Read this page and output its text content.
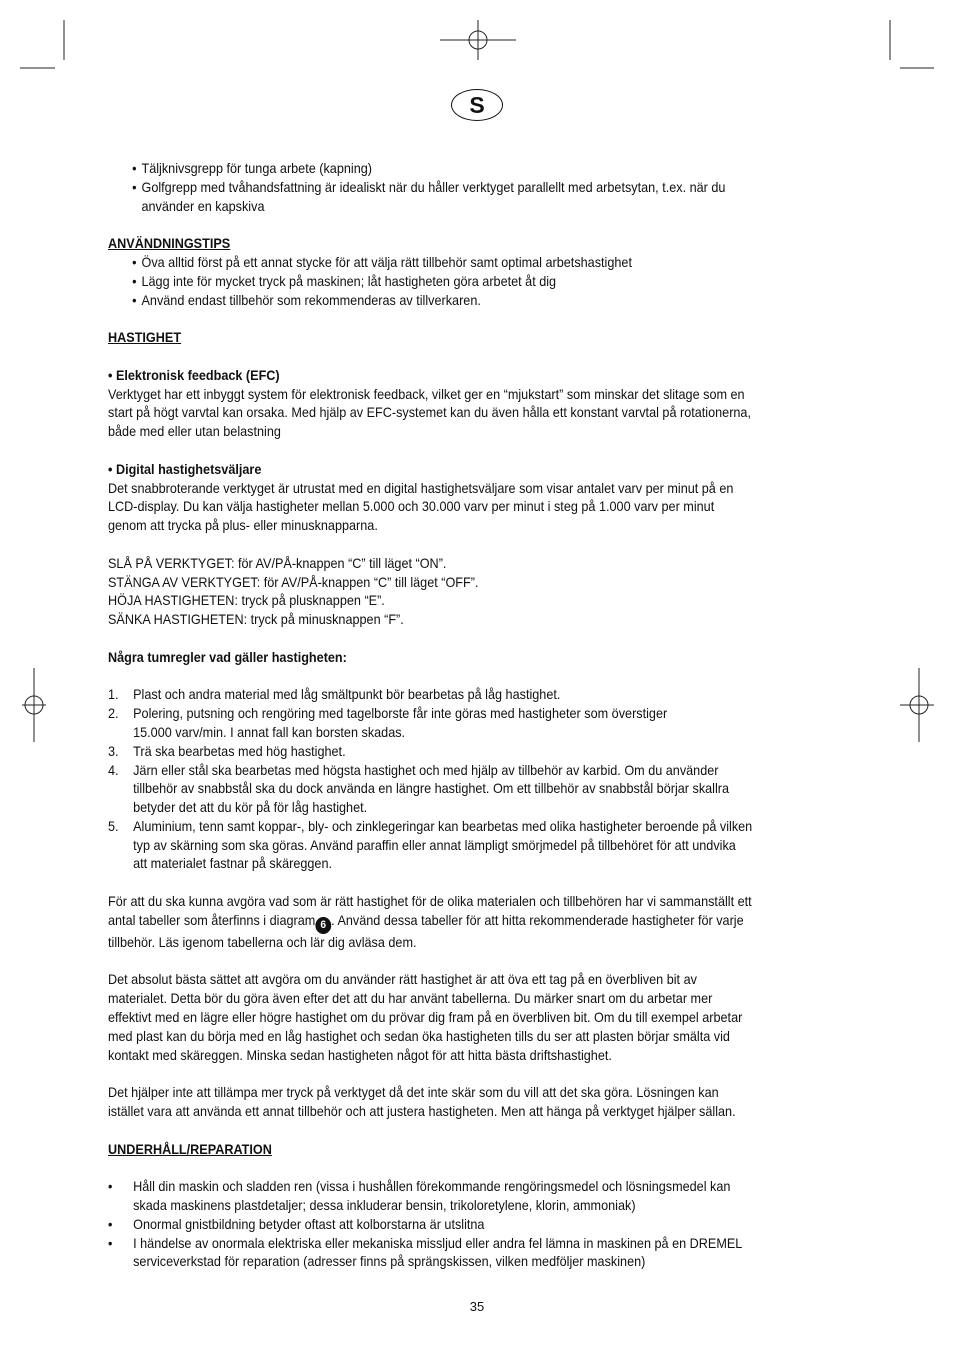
S

• Täljknivsgrepp för tunga arbete (kapning)

• Golfgrepp med tvåhandsfattning är idealiskt när du håller verktyget parallellt med arbetsytan, t.ex. när du

använder en kapskiva

ANVÄNDNINGSTIPS

• Öva alltid först på ett annat stycke för att välja rätt tillbehör samt optimal arbetshastighet

• Lägg inte för mycket tryck på maskinen; låt hastigheten göra arbetet åt dig

• Använd endast tillbehör som rekommenderas av tillverkaren.

HASTIGHET

• Elektronisk feedback (EFC)

Verktyget har ett inbyggt system för elektronisk feedback, vilket ger en “mjukstart” som minskar det slitage som en

start på högt varvtal kan orsaka. Med hjälp av EFC-systemet kan du även hålla ett konstant varvtal på rotationerna,

både med eller utan belastning

• Digital hastighetsväljare

Det snabbroterande verktyget är utrustat med en digital hastighetsväljare som visar antalet varv per minut på en

LCD-display. Du kan välja hastigheter mellan 5.000 och 30.000 varv per minut i steg på 1.000 varv per minut

genom att trycka på plus- eller minusknapparna.

SLÅ PÅ VERKTYGET: för AV/PÅ-knappen “C” till läget “ON”.

STÄNGA AV VERKTYGET: för AV/PÅ-knappen “C” till läget “OFF”.

HÖJA HASTIGHETEN: tryck på plusknappen “E”.

SÄNKA HASTIGHETEN: tryck på minusknappen “F”.

Några tumregler vad gäller hastigheten:

1. Plast och andra material med låg smältpunkt bör bearbetas på låg hastighet.

2. Polering, putsning och rengöring med tagelborste får inte göras med hastigheter som överstiger

15.000 varv/min. I annat fall kan borsten skadas.

3. Trä ska bearbetas med hög hastighet.

4. Järn eller stål ska bearbetas med högsta hastighet och med hjälp av tillbehör av karbid. Om du använder

tillbehör av snabbstål ska du dock använda en längre hastighet. Om ett tillbehör av snabbstål börjar skallra

betyder det att du kör på för låg hastighet.

5. Aluminium, tenn samt koppar-, bly- och zinklegeringar kan bearbetas med olika hastigheter beroende på vilken

typ av skärning som ska göras. Använd paraffin eller annat lämpligt smörjmedel på tillbehöret för att undvika

att materialet fastnar på skäreggen.

För att du ska kunna avgöra vad som är rätt hastighet för de olika materialen och tillbehören har vi sammanställt ett

antal tabeller som återfinns i diagram 6 . Använd dessa tabeller för att hitta rekommenderade hastigheter för varje

tillbehör. Läs igenom tabellerna och lär dig avläsa dem.

Det absolut bästa sättet att avgöra om du använder rätt hastighet är att öva ett tag på en överbliven bit av

materialet. Detta bör du göra även efter det att du har använt tabellerna. Du märker snart om du arbetar mer

effektivt med en lägre eller högre hastighet om du prövar dig fram på en överbliven bit. Om du till exempel arbetar

med plast kan du börja med en låg hastighet och sedan öka hastigheten tills du ser att plasten börjar smälta vid

kontakt med skäreggen. Minska sedan hastigheten något för att hitta bästa driftshastighet.

Det hjälper inte att tillämpa mer tryck på verktyget då det inte skär som du vill att det ska göra. Lösningen kan

istället vara att använda ett annat tillbehör och att justera hastigheten. Men att hänga på verktyget hjälper sällan.

UNDERHÅLL/REPARATION

• Håll din maskin och sladden ren (vissa i hushållen förekommande rengöringsmedel och lösningsmedel kan

skada maskinens plastdetaljer; dessa inkluderar bensin, trikoloretylene, klorin, ammoniak)

• Onormal gnistbildning betyder oftast att kolborstarna är utslitna

• I händelse av onormala elektriska eller mekaniska missljud eller andra fel lämna in maskinen på en DREMEL

serviceverkstad för reparation (adresser finns på sprängskissen, vilken medföljer maskinen)

35
